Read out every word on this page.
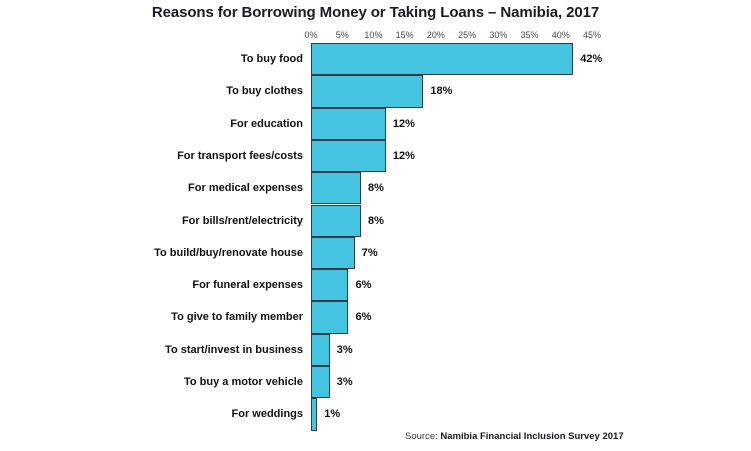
Reasons for Borrowing Money or Taking Loans – Namibia, 2017
0% 5% 10% 15% 20% 25% 30% 35% 40% 45%
To buy food
To buy clothes
For education
For transport fees/costs
For medical expenses
For bills/rent/electricity
To build/buy/renovate house
For funeral expenses
To give to family member
To start/invest in business
To buy a motor vehicle
For weddings
42%
18%
12%
12%
8%
8%
7%
6%
6%
3%
3%
1%
Source: Namibia Financial Inclusion Survey 2017
